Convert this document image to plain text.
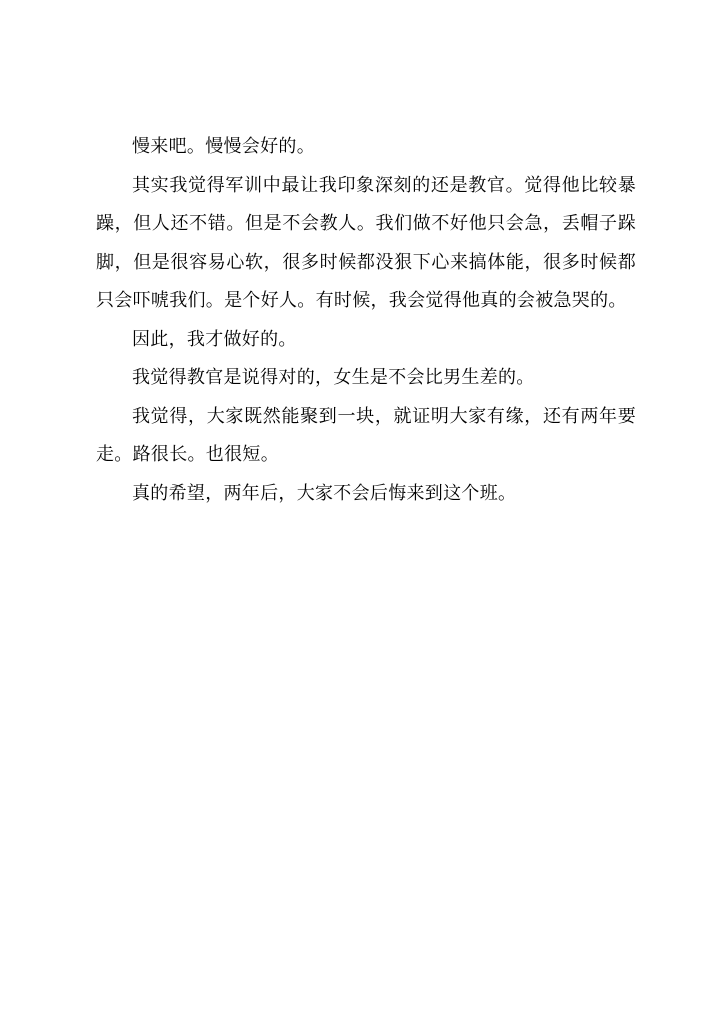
慢来吧。慢慢会好的。

其实我觉得军训中最让我印象深刻的还是教官。觉得他比较暴躁，但人还不错。但是不会教人。我们做不好他只会急，丢帽子跺脚，但是很容易心软，很多时候都没狠下心来搞体能，很多时候都只会吓唬我们。是个好人。有时候，我会觉得他真的会被急哭的。

因此，我才做好的。

我觉得教官是说得对的，女生是不会比男生差的。

我觉得，大家既然能聚到一块，就证明大家有缘，还有两年要走。路很长。也很短。

真的希望，两年后，大家不会后悔来到这个班。
